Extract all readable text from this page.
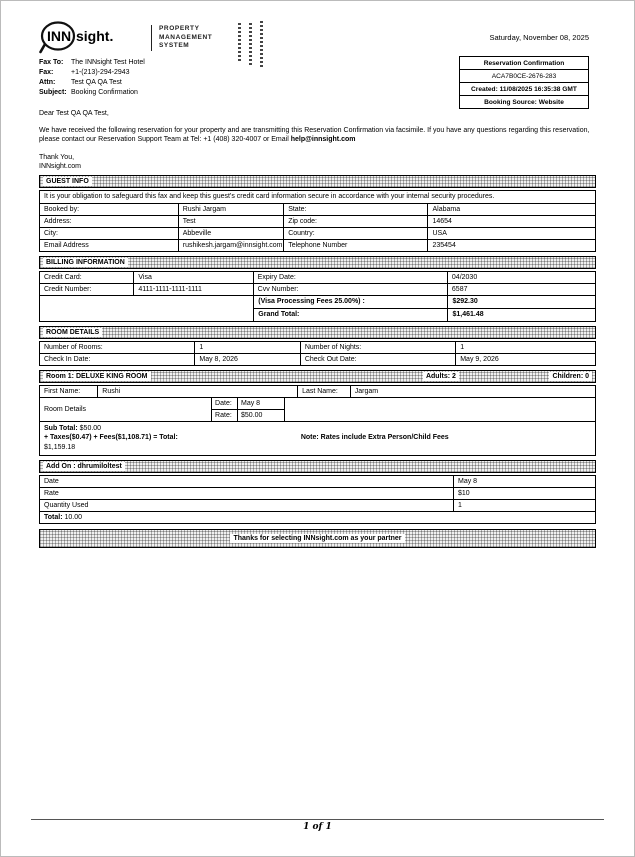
INN sight.	PROPERTY
MANAGEMENT
SYSTEM
Saturday, November 08, 2025
Reservation Confirmation
ACA7B0CE-2676-283
Created: 11/08/2025 16:35:38 GMT
Booking Source: Website
Fax To: The INNsight Test Hotel
Fax:	+1-(213)-294-2943
Attn: Test QA QA Test
Subject: Booking Confirmation
Dear Test QA QA Test,
We have received the following reservation for your property and are transmitting this Reservation Confirmation via facsimile. If you have any questions regarding this reservation, please contact our Reservation Support Team at Tel: +1 (408) 320-4007 or Email help@innsight.com
Thank You,
INNsight.com
GUEST INFO
It is your obligation to safeguard this fax and keep this guest's credit card information secure in accordance with your internal security procedures.
Booked by:	Rushi Jargam	State:	Alabama
Address:	Test	Zip code:	14654
City:	Abbeville	Country:	USA
Email Address	rushikesh.jargam@innsight.com Telephone Number	235454
BILLING INFORMATION
Credit Card:	Visa	Expiry Date:	04/2030
Credit Number:	4111-1111-1111-1111	Cvv Number:	6587
(Visa Processing Fees 25.00%) :	$292.30
Grand Total:	$1,461.48
ROOM DETAILS
Number of Rooms:	1	Number of Nights:	1
Check In Date:	May 8, 2026	Check Out Date:	May 9, 2026
Room 1: DELUXE KING ROOM	Adults: 2	Children: 0
First Name:	Rushi	Last Name:	Jargam
Room Details
Date:	May 8
Rate:	$50.00
Sub Total: $50.00
+ Taxes($0.47) + Fees($1,108.71) = Total:
$1,159.18
Note: Rates include Extra Person/Child Fees
Add On : dhrumiloltest
Date	May 8
Rate	$10
Quantity Used	1
Total:
10.00
Thanks for selecting INNsight.com as your partner
1 of 1
